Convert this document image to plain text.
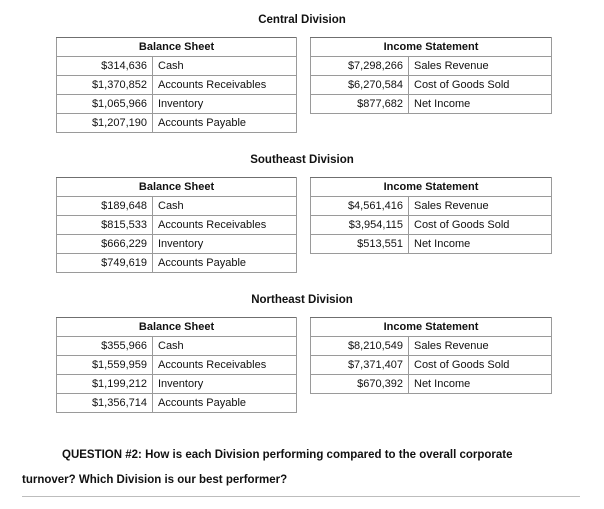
Central Division
Balance Sheet	
$314,636	Cash
$1,370,852	Accounts Receivables
$1,065,966	Inventory
$1,207,190	Accounts Payable
Income Statement	
$7,298,266	Sales Revenue
$6,270,584	Cost of Goods Sold
$877,682	Net Income
Southeast Division
Balance Sheet	
$189,648	Cash
$815,533	Accounts Receivables
$666,229	Inventory
$749,619	Accounts Payable
Income Statement	
$4,561,416	Sales Revenue
$3,954,115	Cost of Goods Sold
$513,551	Net Income
Northeast Division
Balance Sheet	
$355,966	Cash
$1,559,959	Accounts Receivables
$1,199,212	Inventory
$1,356,714	Accounts Payable
Income Statement	
$8,210,549	Sales Revenue
$7,371,407	Cost of Goods Sold
$670,392	Net Income
QUESTION #2: How is each Division performing compared to the overall corporate
turnover? Which Division is our best performer?
